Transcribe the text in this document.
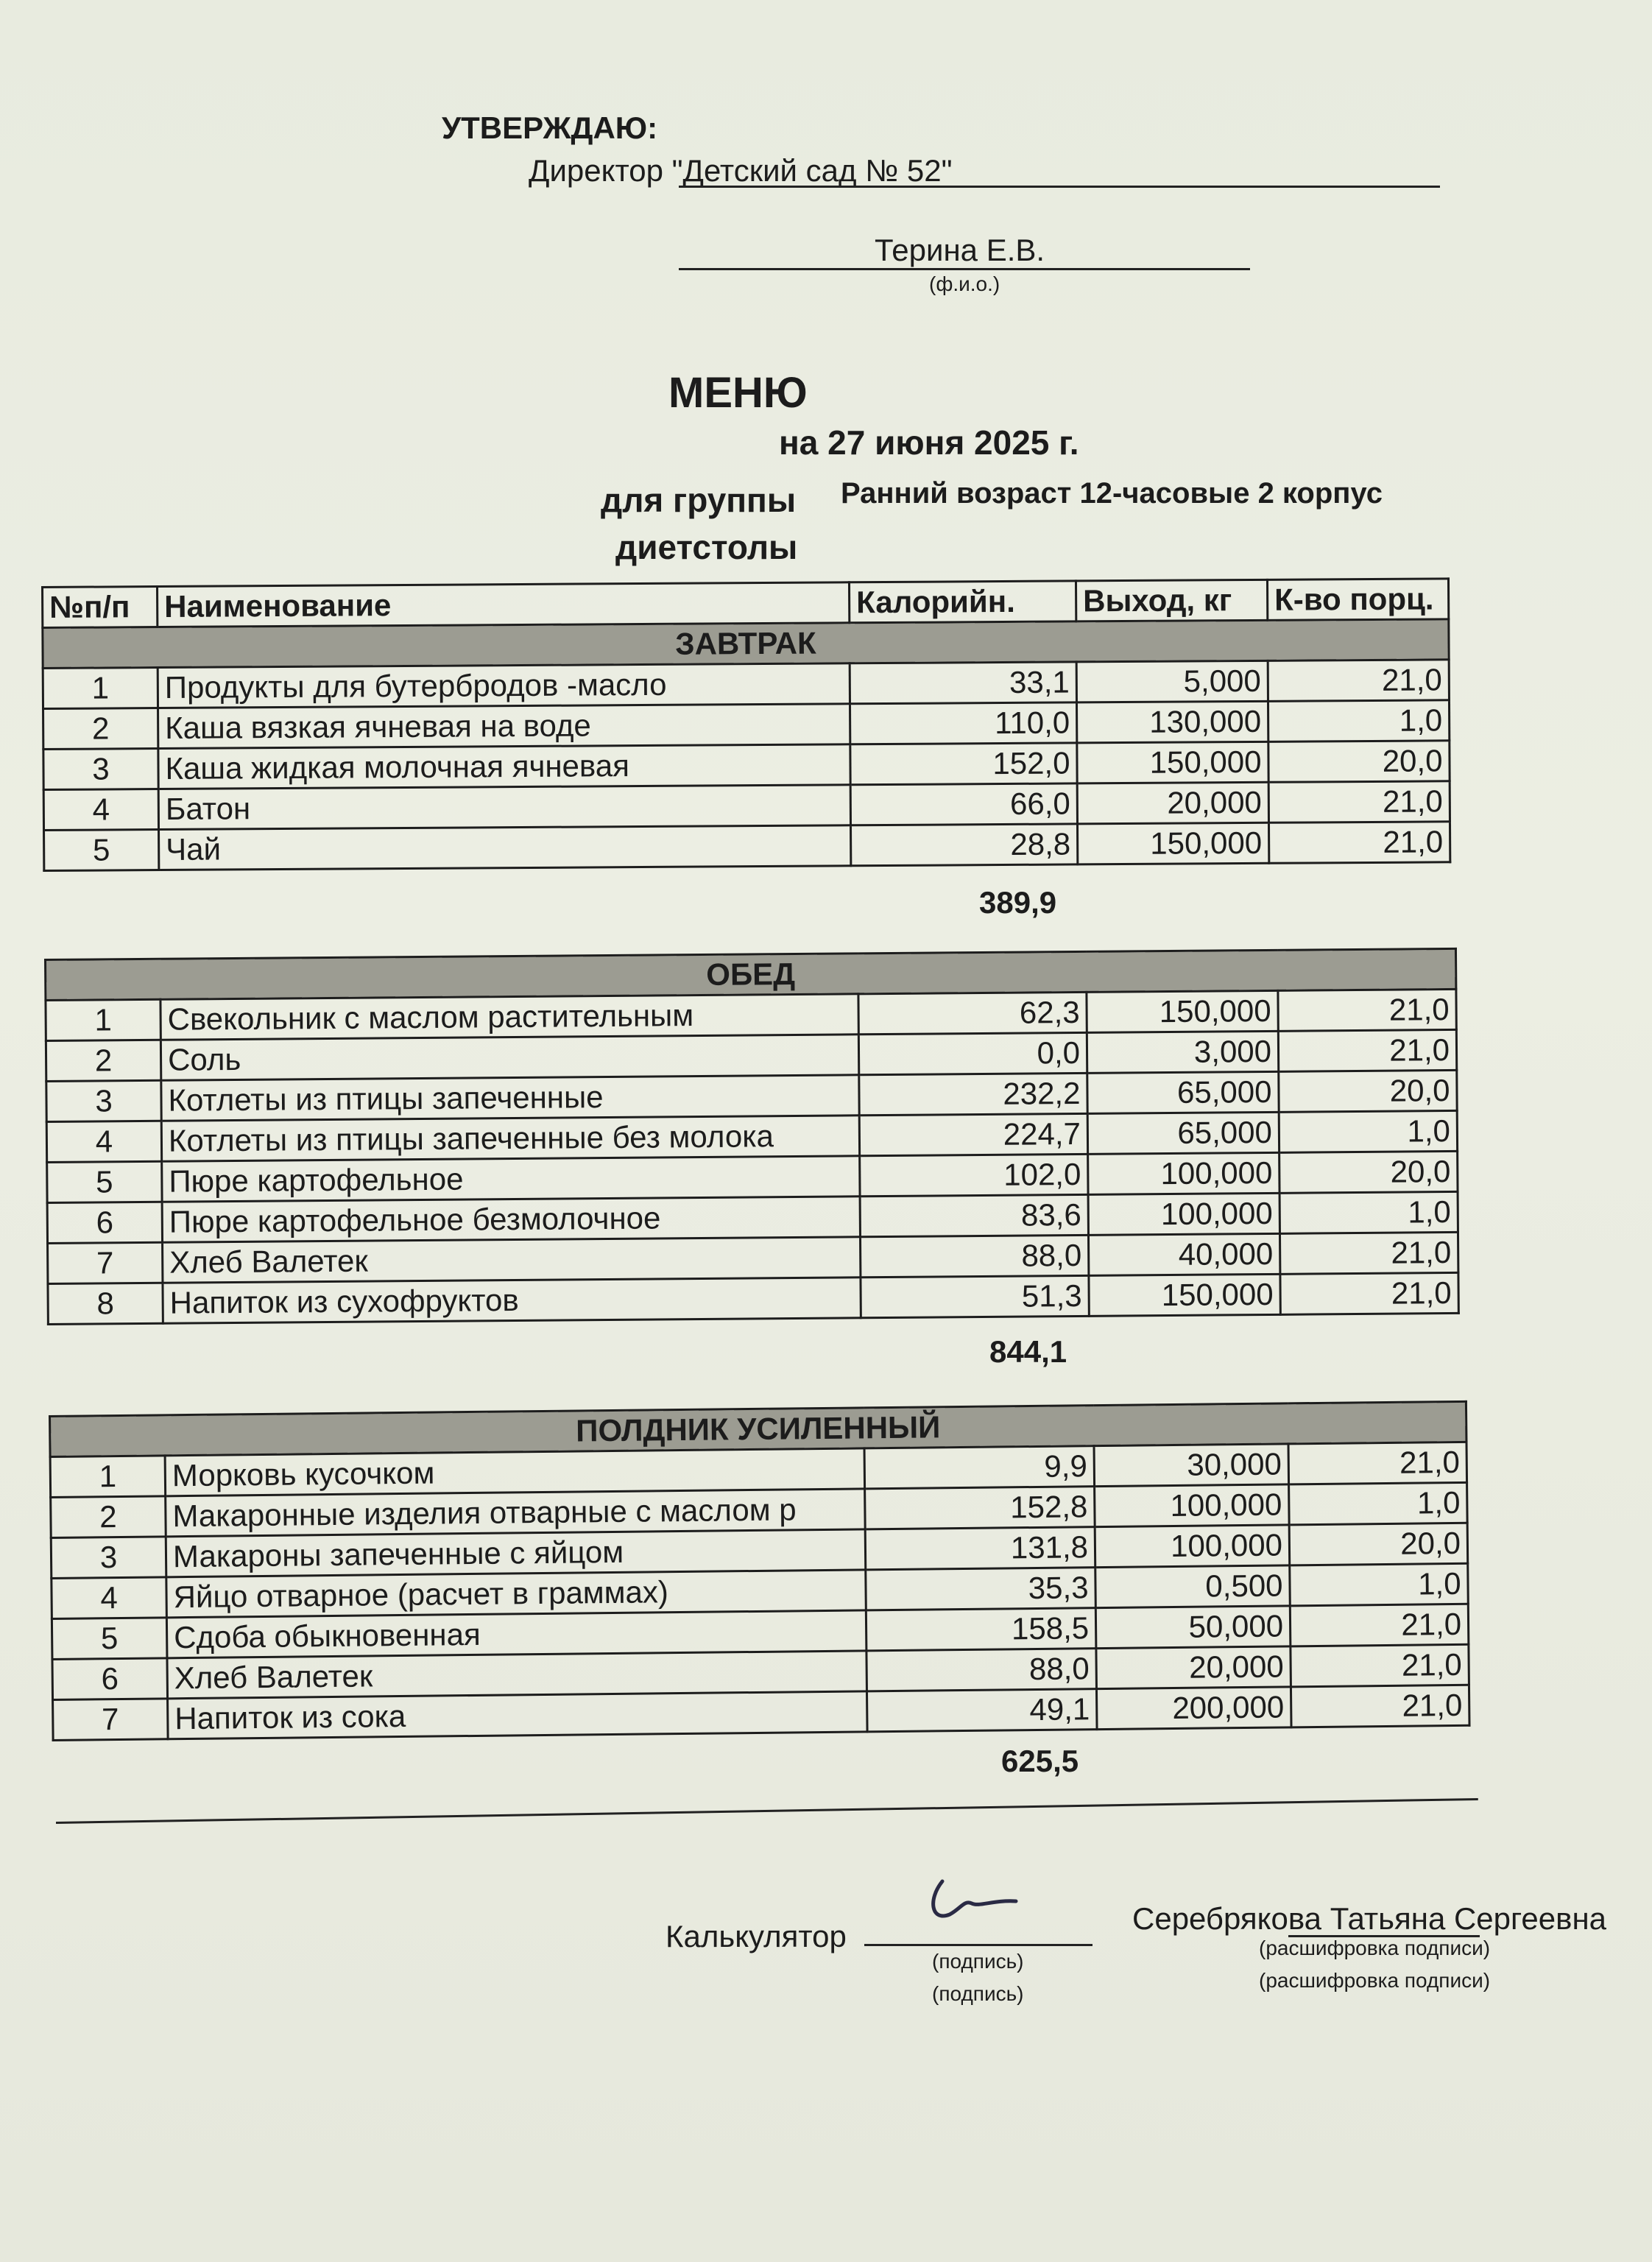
УТВЕРЖДАЮ:
Директор "Детский сад № 52"
Терина Е.В.
(ф.и.о.)
МЕНЮ
на 27 июня 2025 г.
для группы Ранний возраст 12-часовые 2 корпус
диетстолы
№п/п	Наименование	Калорийн.	Выход, кг	К-во порц.
ЗАВТРАК				
1	Продукты для бутербродов -масло	33,1	5,000	21,0
2	Каша вязкая ячневая на воде	110,0	130,000	1,0
3	Каша жидкая молочная ячневая	152,0	150,000	20,0
4	Батон	66,0	20,000	21,0
5	Чай	28,8	150,000	21,0
389,9
ОБЕД				
1	Свекольник с маслом растительным	62,3	150,000	21,0
2	Соль	0,0	3,000	21,0
3	Котлеты из птицы запеченные	232,2	65,000	20,0
4	Котлеты из птицы запеченные без молока	224,7	65,000	1,0
5	Пюре картофельное	102,0	100,000	20,0
6	Пюре картофельное безмолочное	83,6	100,000	1,0
7	Хлеб Валетек	88,0	40,000	21,0
8	Напиток из сухофруктов	51,3	150,000	21,0
844,1
ПОЛДНИК УСИЛЕННЫЙ				
1	Морковь кусочком	9,9	30,000	21,0
2	Макаронные изделия отварные с маслом р	152,8	100,000	1,0
3	Макароны запеченные с яйцом	131,8	100,000	20,0
4	Яйцо отварное (расчет в граммах)	35,3	0,500	1,0
5	Сдоба обыкновенная	158,5	50,000	21,0
6	Хлеб Валетек	88,0	20,000	21,0
7	Напиток из сока	49,1	200,000	21,0
625,5
Калькулятор
(подпись)
(подпись)
Серебрякова Татьяна Сергеевна
(расшифровка подписи)
(расшифровка подписи)
